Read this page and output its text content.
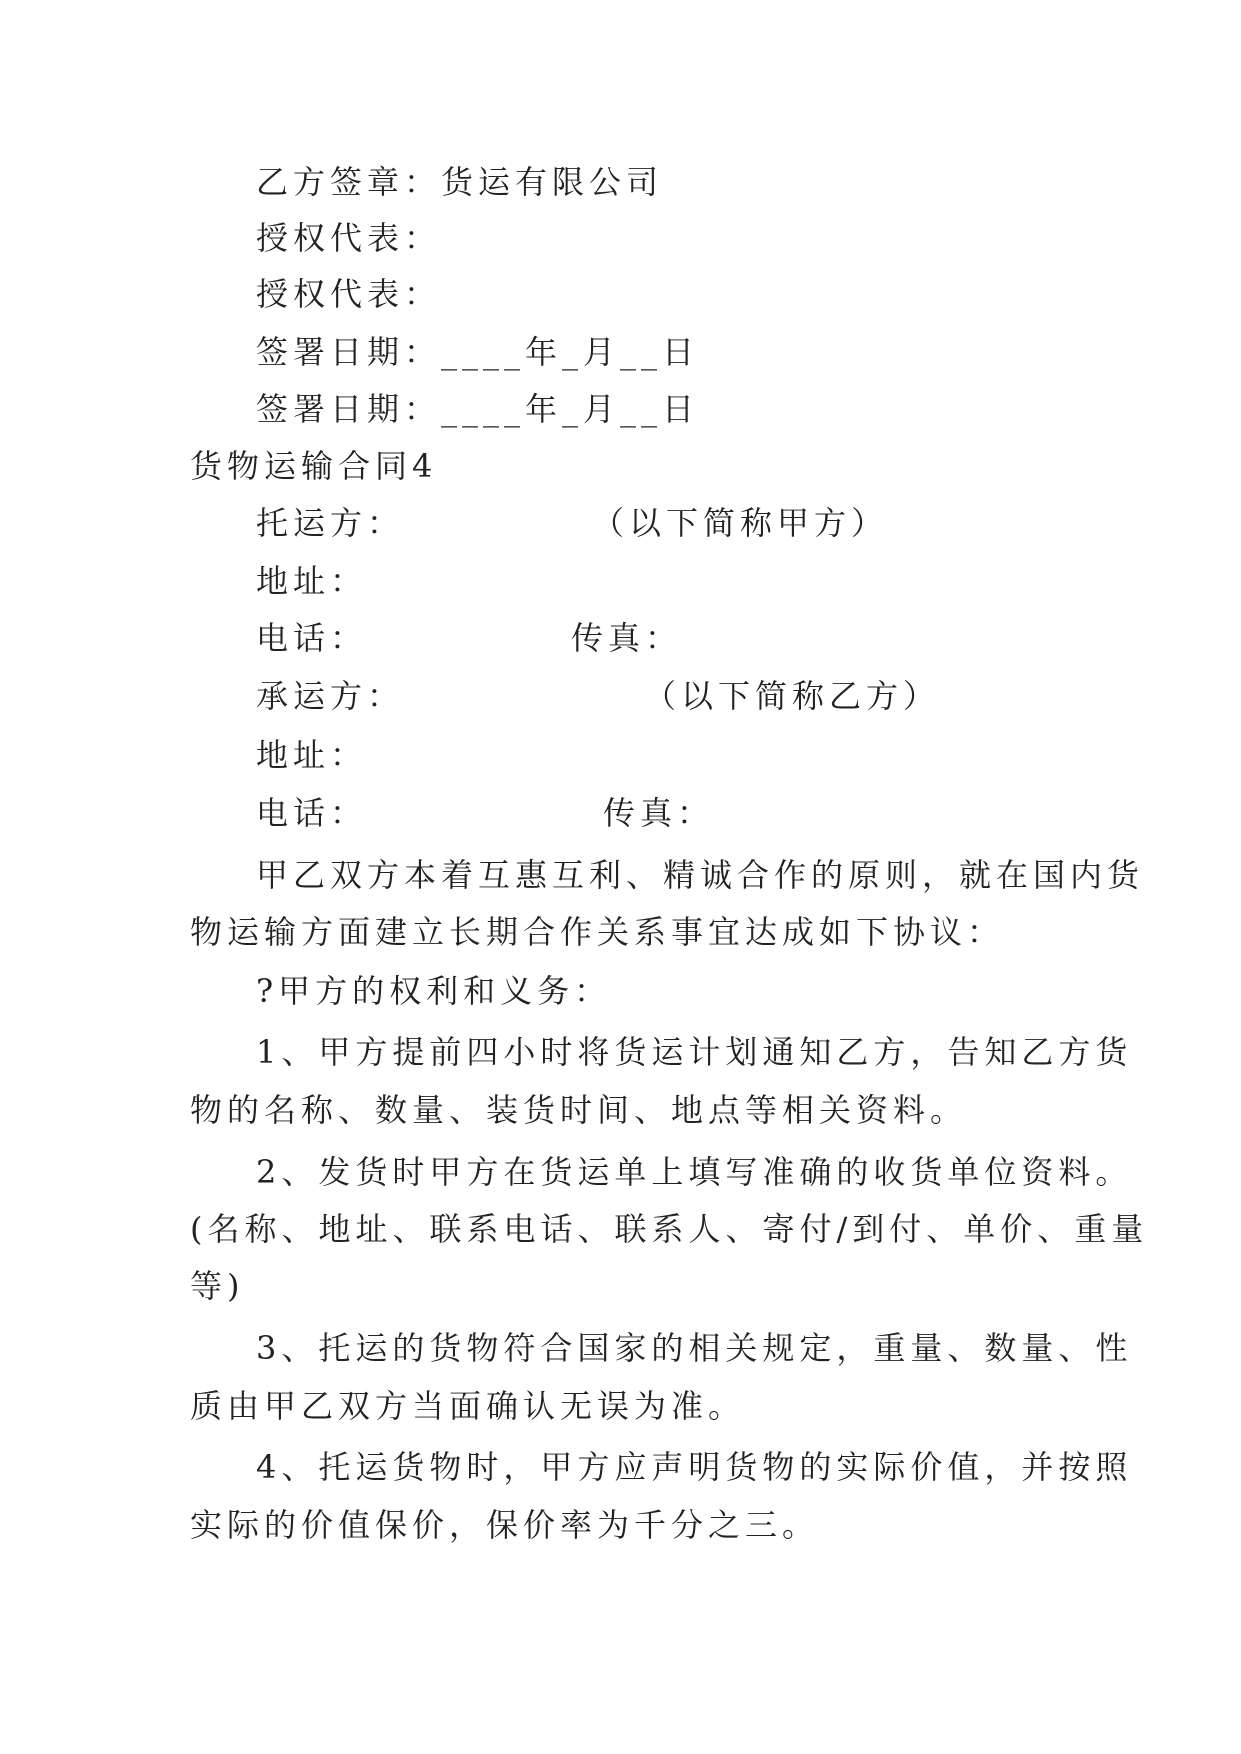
乙方签章：货运有限公司
授权代表：
授权代表：
签署日期：____年_月__日
签署日期：____年_月__日
货物运输合同4
托运方：	（以下简称甲方）
地址：
电话：	传真：
承运方：	（以下简称乙方）
地址：
电话：	传真：
甲乙双方本着互惠互利、精诚合作的原则，就在国内货
物运输方面建立长期合作关系事宜达成如下协议：
?甲方的权利和义务：
1、甲方提前四小时将货运计划通知乙方，告知乙方货
物的名称、数量、装货时间、地点等相关资料。
2、发货时甲方在货运单上填写准确的收货单位资料。
(名称、地址、联系电话、联系人、寄付/到付、单价、重量
等)
3、托运的货物符合国家的相关规定，重量、数量、性
质由甲乙双方当面确认无误为准。
4、托运货物时，甲方应声明货物的实际价值，并按照
实际的价值保价，保价率为千分之三。
